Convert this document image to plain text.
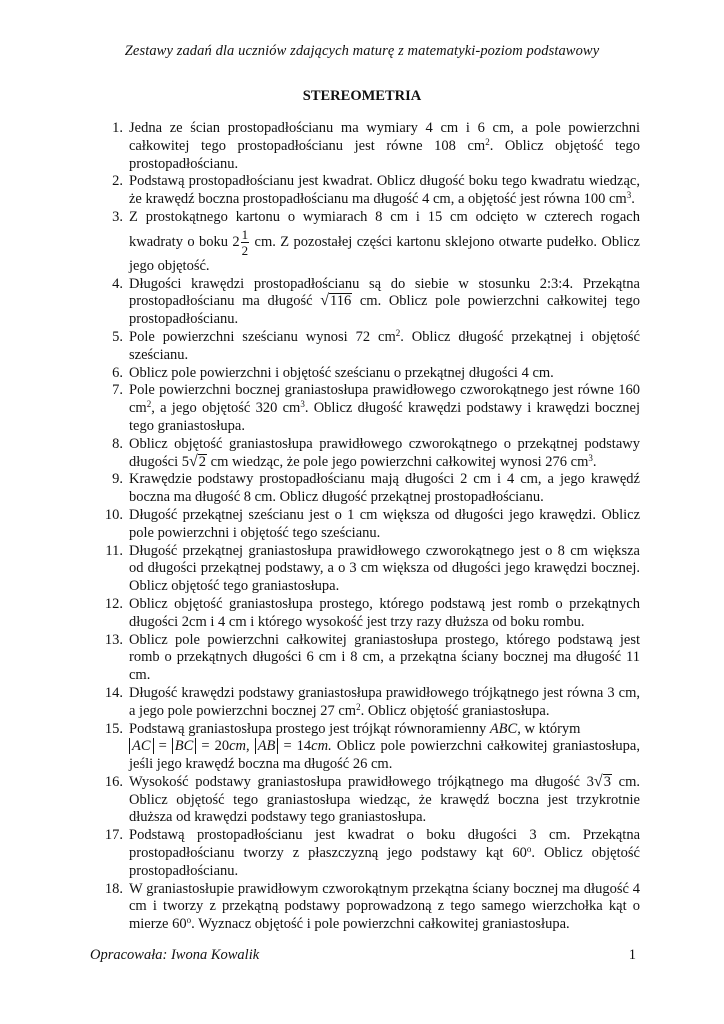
Zestawy zadań dla uczniów zdających maturę z matematyki-poziom podstawowy
STEREOMETRIA
1. Jedna ze ścian prostopadłościanu ma wymiary 4 cm i 6 cm, a pole powierzchni całkowitej tego prostopadłościanu jest równe 108 $cm^2$. Oblicz objętość tego prostopadłościanu.
2. Podstawą prostopadłościanu jest kwadrat. Oblicz długość boku tego kwadratu wiedząc, że krawędź boczna prostopadłościanu ma długość 4 cm, a objętość jest równa 100 $cm^3$.
3. Z prostokątnego kartonu o wymiarach 8 cm i 15 cm odcięto w czterech rogach kwadraty o boku $2 \frac{1}{2}$ cm. Z pozostałej części kartonu sklejono otwarte pudełko. Oblicz jego objętość.
4. Długości krawędzi prostopadłościanu są do siebie w stosunku 2:3:4. Przekątna prostopadłościanu ma długość √ 116 cm. Oblicz pole powierzchni całkowitej tego prostopadłościanu.
5. Pole powierzchni sześcianu wynosi 72 $cm^2$. Oblicz długość przekątnej i objętość sześcianu.
6. Oblicz pole powierzchni i objętość sześcianu o przekątnej długości 4 cm.
7. Pole powierzchni bocznej graniastosłupa prawidłowego czworokątnego jest równe 160 $cm^2$, a jego objętość 320 $cm^3$. Oblicz długość krawędzi podstawy i krawędzi bocznej tego graniastosłupa.
8. Oblicz objętość graniastosłupa prawidłowego czworokątnego o przekątnej podstawy długości 5 √ 2 cm wiedząc, że pole jego powierzchni całkowitej wynosi 276 $cm^3$.
9. Krawędzie podstawy prostopadłościanu mają długości 2 cm i 4 cm, a jego krawędź boczna ma długość 8 cm. Oblicz długość przekątnej prostopadłościanu.
10. Długość przekątnej sześcianu jest o 1 cm większa od długości jego krawędzi. Oblicz pole powierzchni i objętość tego sześcianu.
11. Długość przekątnej graniastosłupa prawidłowego czworokątnego jest o 8 cm większa od długości przekątnej podstawy, a o 3 cm większa od długości jego krawędzi bocznej. Oblicz objętość tego graniastosłupa.
12. Oblicz objętość graniastosłupa prostego, którego podstawą jest romb o przekątnych długości 2cm i 4 cm i którego wysokość jest trzy razy dłuższa od boku rombu.
13. Oblicz pole powierzchni całkowitej graniastosłupa prostego, którego podstawą jest romb o przekątnych długości 6 cm i 8 cm, a przekątna ściany bocznej ma długość 11 cm.
14. Długość krawędzi podstawy graniastosłupa prawidłowego trójkątnego jest równa 3 cm, a jego pole powierzchni bocznej 27 $cm^2$. Oblicz objętość graniastosłupa.
15. Podstawą graniastosłupa prostego jest trójkąt równoramienny ABC, w którym
AC = BC = 20cm, AB = 14cm. Oblicz pole powierzchni całkowitej graniastosłupa, jeśli jego krawędź boczna ma długość 26 cm.
16. Wysokość podstawy graniastosłupa prawidłowego trójkątnego ma długość 3 √ 3 cm. Oblicz objętość tego graniastosłupa wiedząc, że krawędź boczna jest trzykrotnie dłuższa od krawędzi podstawy tego graniastosłupa.
17. Podstawą prostopadłościanu jest kwadrat o boku długości 3 cm. Przekątna prostopadłościanu tworzy z płaszczyzną jego podstawy kąt 60$^o$. Oblicz objętość prostopadłościanu.
18. W graniastosłupie prawidłowym czworokątnym przekątna ściany bocznej ma długość 4 cm i tworzy z przekątną podstawy poprowadzoną z tego samego wierzchołka kąt o mierze 60$^o$. Wyznacz objętość i pole powierzchni całkowitej graniastosłupa.
Opracowała: Iwona Kowalik	1
